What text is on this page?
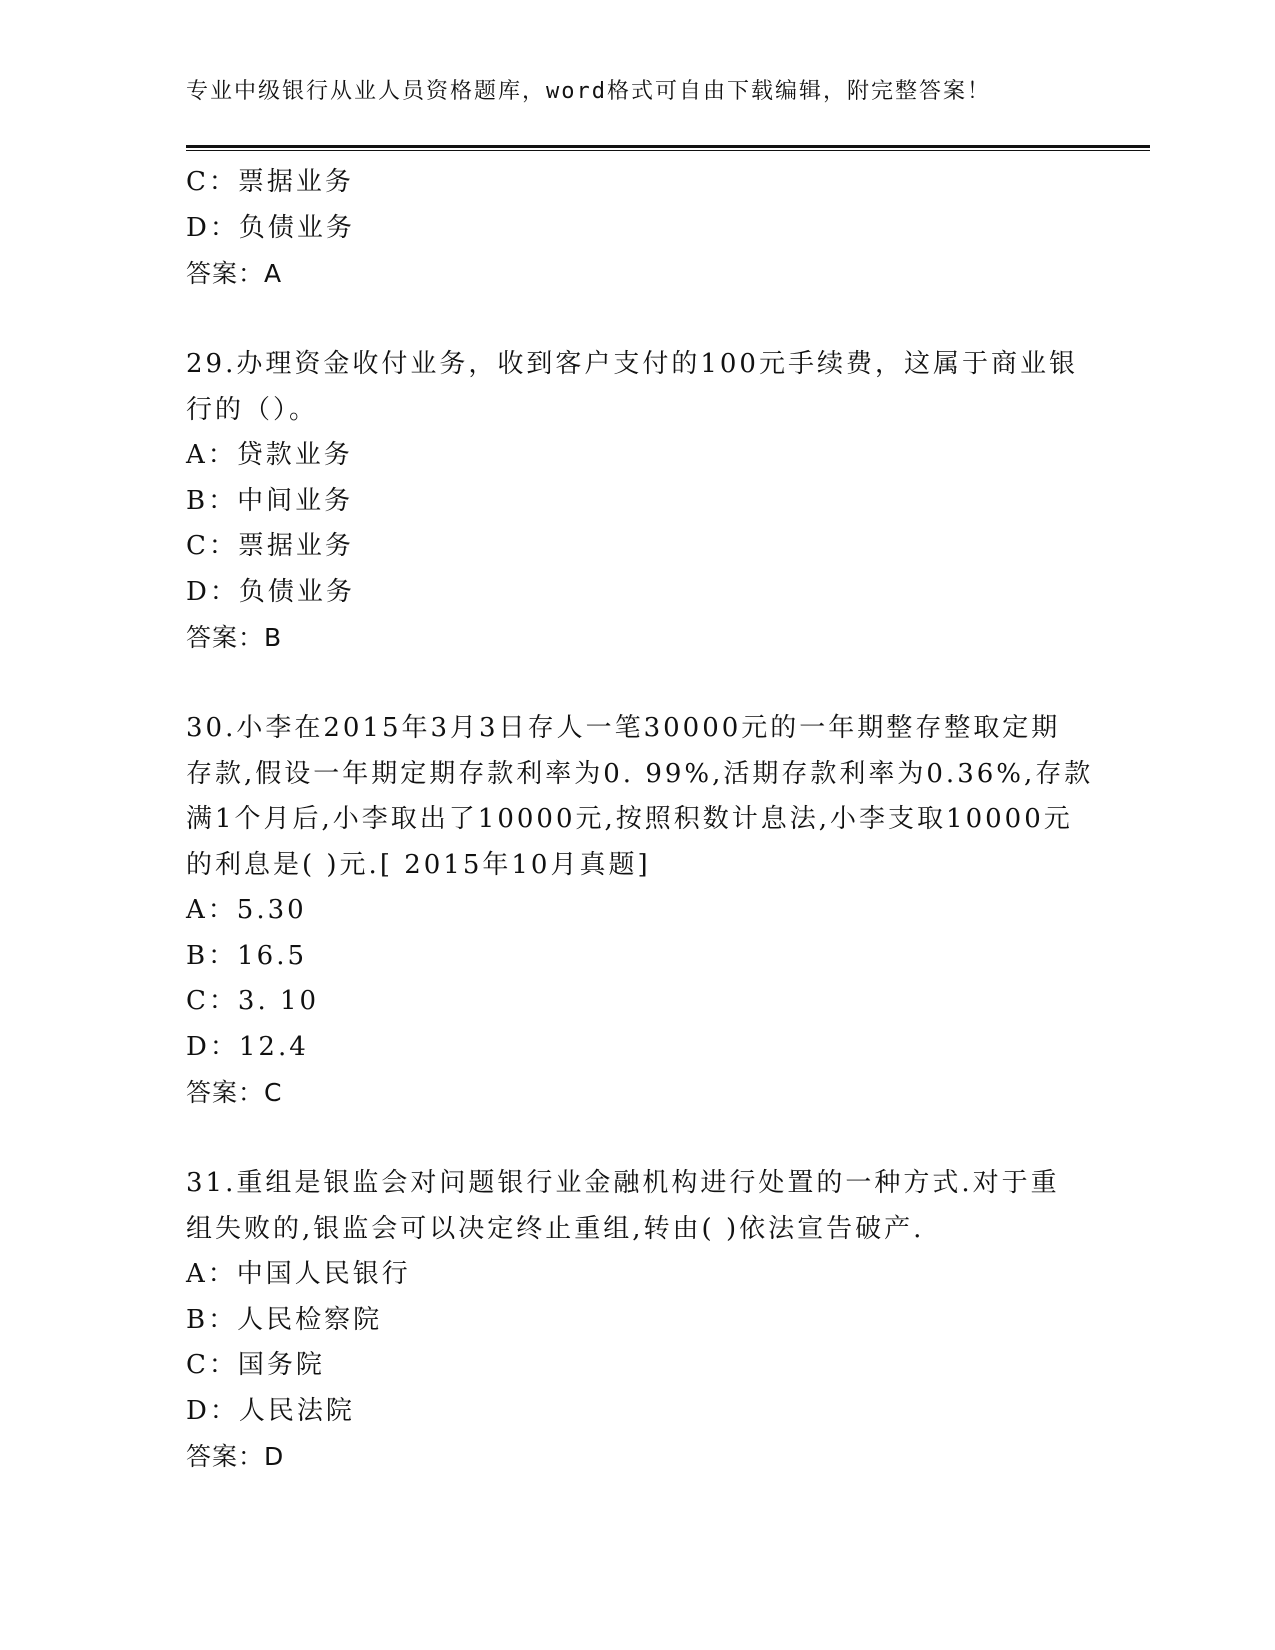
专业中级银行从业人员资格题库，word格式可自由下载编辑，附完整答案！
C：票据业务
D：负债业务
答案：A
29.办理资金收付业务，收到客户支付的100元手续费，这属于商业银
行的（）。
A：贷款业务
B：中间业务
C：票据业务
D：负债业务
答案：B
30.小李在2015年3月3日存人一笔30000元的一年期整存整取定期
存款,假设一年期定期存款利率为0. 99%,活期存款利率为0.36%,存款
满1个月后,小李取出了10000元,按照积数计息法,小李支取10000元
的利息是( )元.[ 2015年10月真题]
A：5.30
B：16.5
C：3. 10
D：12.4
答案：C
31.重组是银监会对问题银行业金融机构进行处置的一种方式.对于重
组失败的,银监会可以决定终止重组,转由( )依法宣告破产.
A：中国人民银行
B：人民检察院
C：国务院
D：人民法院
答案：D
